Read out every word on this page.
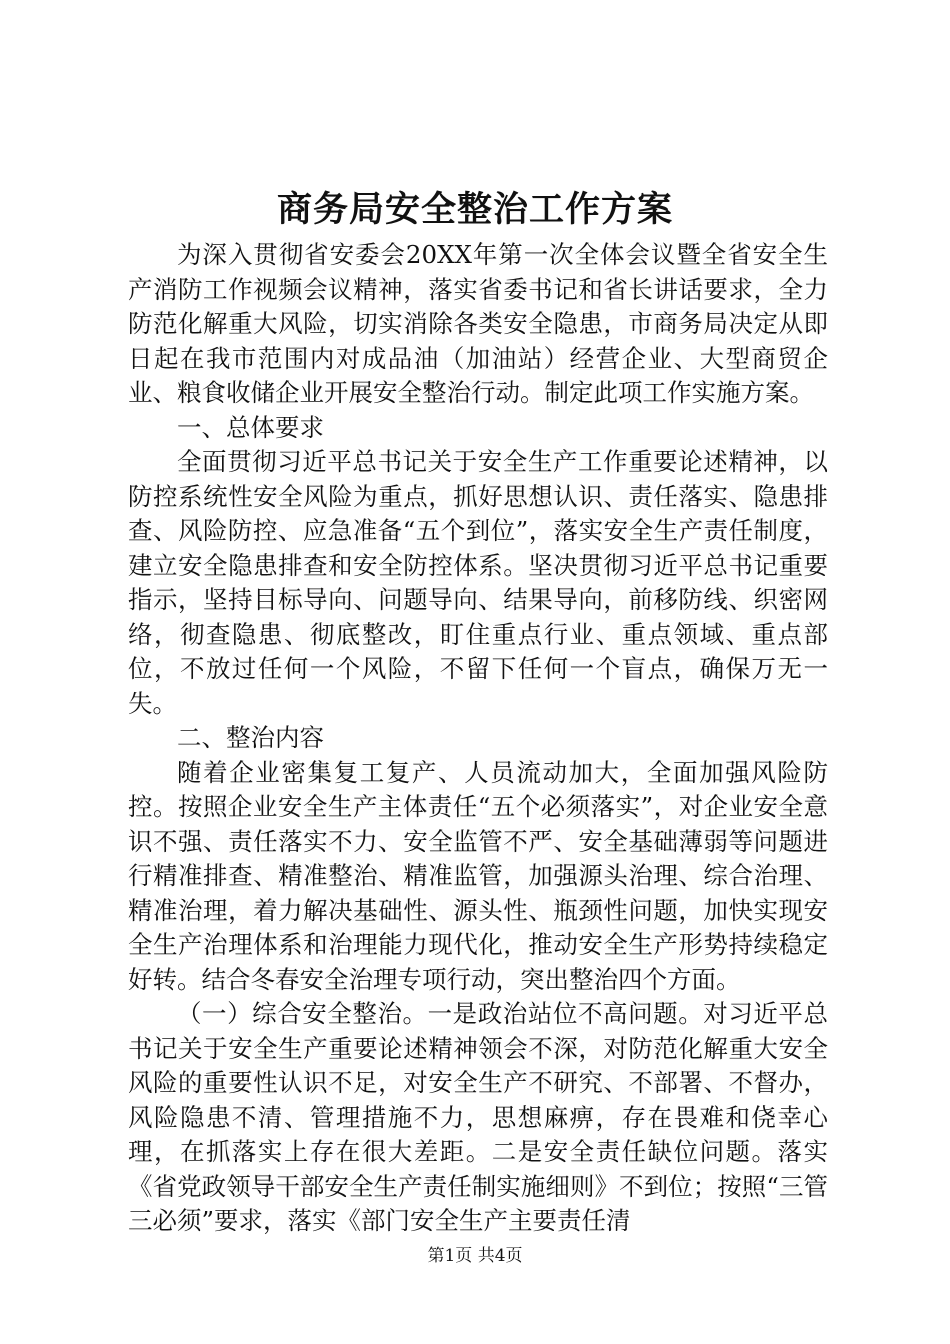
商务局安全整治工作方案

为深入贯彻省安委会20XX年第一次全体会议暨全省安全生产消防工作视频会议精神，落实省委书记和省长讲话要求，全力防范化解重大风险，切实消除各类安全隐患，市商务局决定从即日起在我市范围内对成品油（加油站）经营企业、大型商贸企业、粮食收储企业开展安全整治行动。制定此项工作实施方案。

一、总体要求

全面贯彻习近平总书记关于安全生产工作重要论述精神，以防控系统性安全风险为重点，抓好思想认识、责任落实、隐患排查、风险防控、应急准备“五个到位”，落实安全生产责任制度，建立安全隐患排查和安全防控体系。坚决贯彻习近平总书记重要指示，坚持目标导向、问题导向、结果导向，前移防线、织密网络，彻查隐患、彻底整改，盯住重点行业、重点领域、重点部位，不放过任何一个风险，不留下任何一个盲点，确保万无一失。

二、整治内容

随着企业密集复工复产、人员流动加大，全面加强风险防控。按照企业安全生产主体责任“五个必须落实”，对企业安全意识不强、责任落实不力、安全监管不严、安全基础薄弱等问题进行精准排查、精准整治、精准监管，加强源头治理、综合治理、精准治理，着力解决基础性、源头性、瓶颈性问题，加快实现安全生产治理体系和治理能力现代化，推动安全生产形势持续稳定好转。结合冬春安全治理专项行动，突出整治四个方面。

（一）综合安全整治。一是政治站位不高问题。对习近平总书记关于安全生产重要论述精神领会不深，对防范化解重大安全风险的重要性认识不足，对安全生产不研究、不部署、不督办，风险隐患不清、管理措施不力，思想麻痹，存在畏难和侥幸心理，在抓落实上存在很大差距。二是安全责任缺位问题。落实《省党政领导干部安全生产责任制实施细则》不到位；按照“三管三必须”要求，落实《部门安全生产主要责任清

第1页 共4页
